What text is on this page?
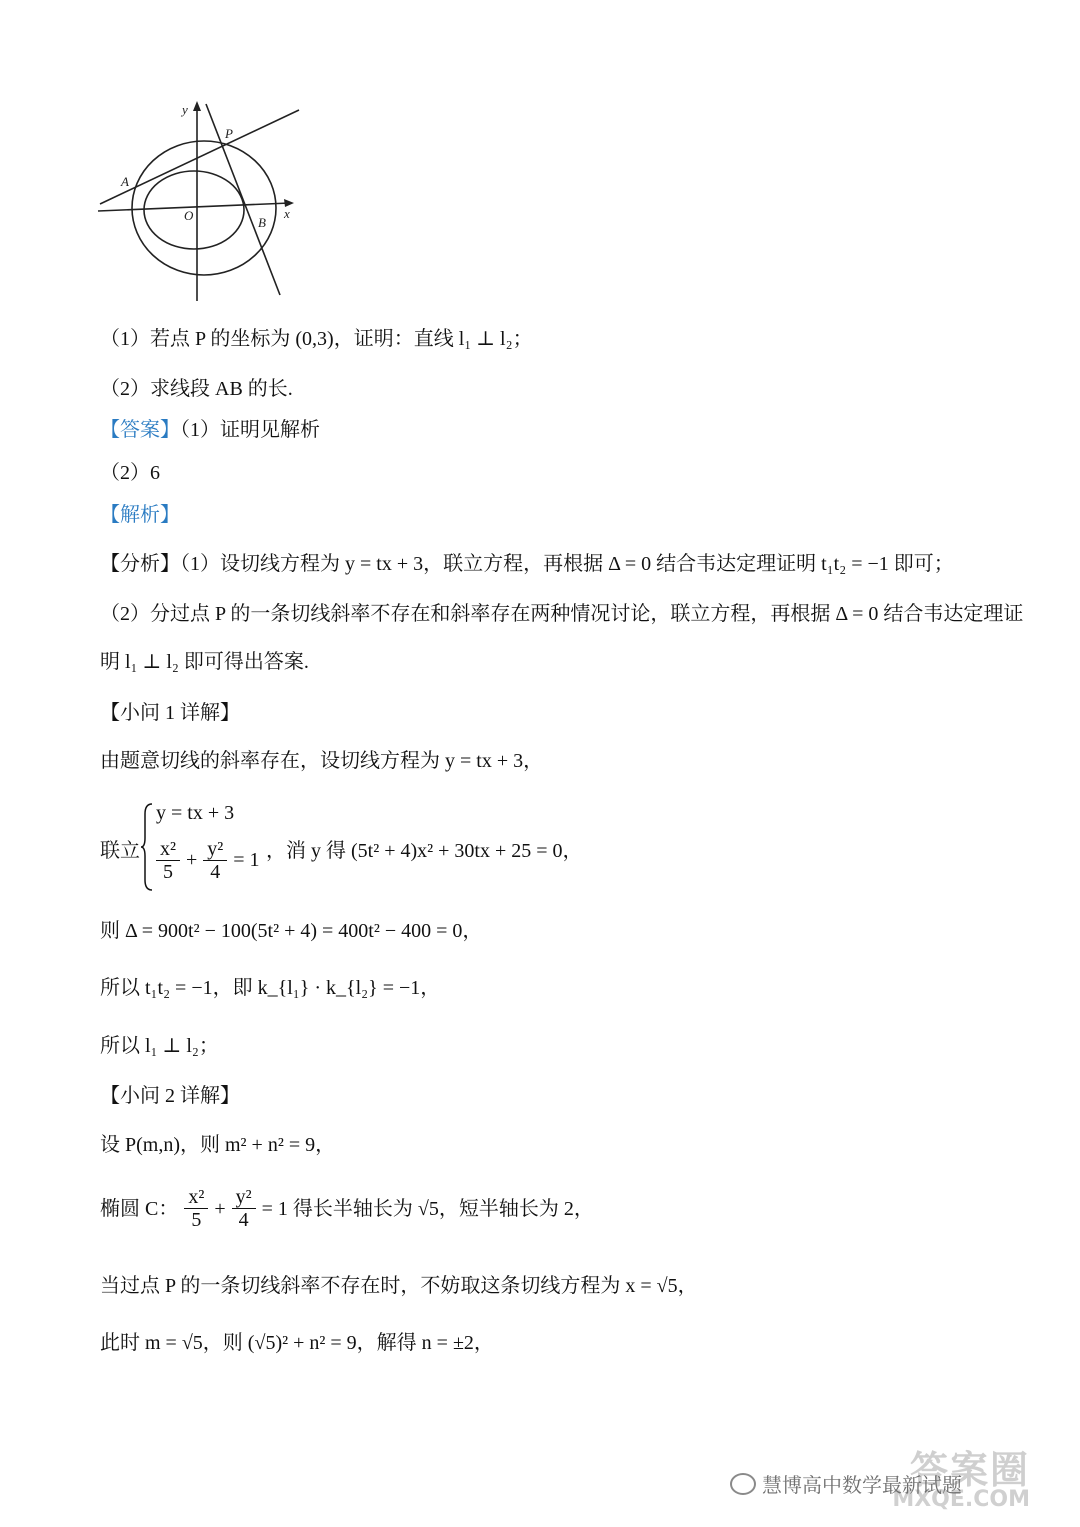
y
x
P
A
B
O
（1）若点 P 的坐标为 (0,3)，证明：直线 l₁ ⊥ l₂；
（2）求线段 AB 的长.
【答案】（1）证明见解析
（2）6
【解析】
【分析】（1）设切线方程为 y = tx + 3，联立方程，再根据 Δ = 0 结合韦达定理证明 t₁t₂ = −1 即可；
（2）分过点 P 的一条切线斜率不存在和斜率存在两种情况讨论，联立方程，再根据 Δ = 0 结合韦达定理证
明 l₁ ⊥ l₂ 即可得出答案.
【小问 1 详解】
由题意切线的斜率存在，设切线方程为 y = tx + 3，
联立
y = tx + 3
x²
5
+ y²
4
= 1 ，消 y 得 (5t² + 4)x² + 30tx + 25 = 0，
则 Δ = 900t² − 100(5t² + 4) = 400t² − 400 = 0，
所以 t₁t₂ = −1，即 k_{l₁} · k_{l₂} = −1，
所以 l₁ ⊥ l₂；
【小问 2 详解】
设 P(m,n)，则 m² + n² = 9，
椭圆 C：
x²
5
+
y²
4
= 1 得长半轴长为 √5，短半轴长为 2，
当过点 P 的一条切线斜率不存在时，不妨取这条切线方程为 x = √5，
此时 m = √5，则 (√5)² + n² = 9，解得 n = ±2，
答案圈
MXQE.COM
慧博高中数学最新试题
